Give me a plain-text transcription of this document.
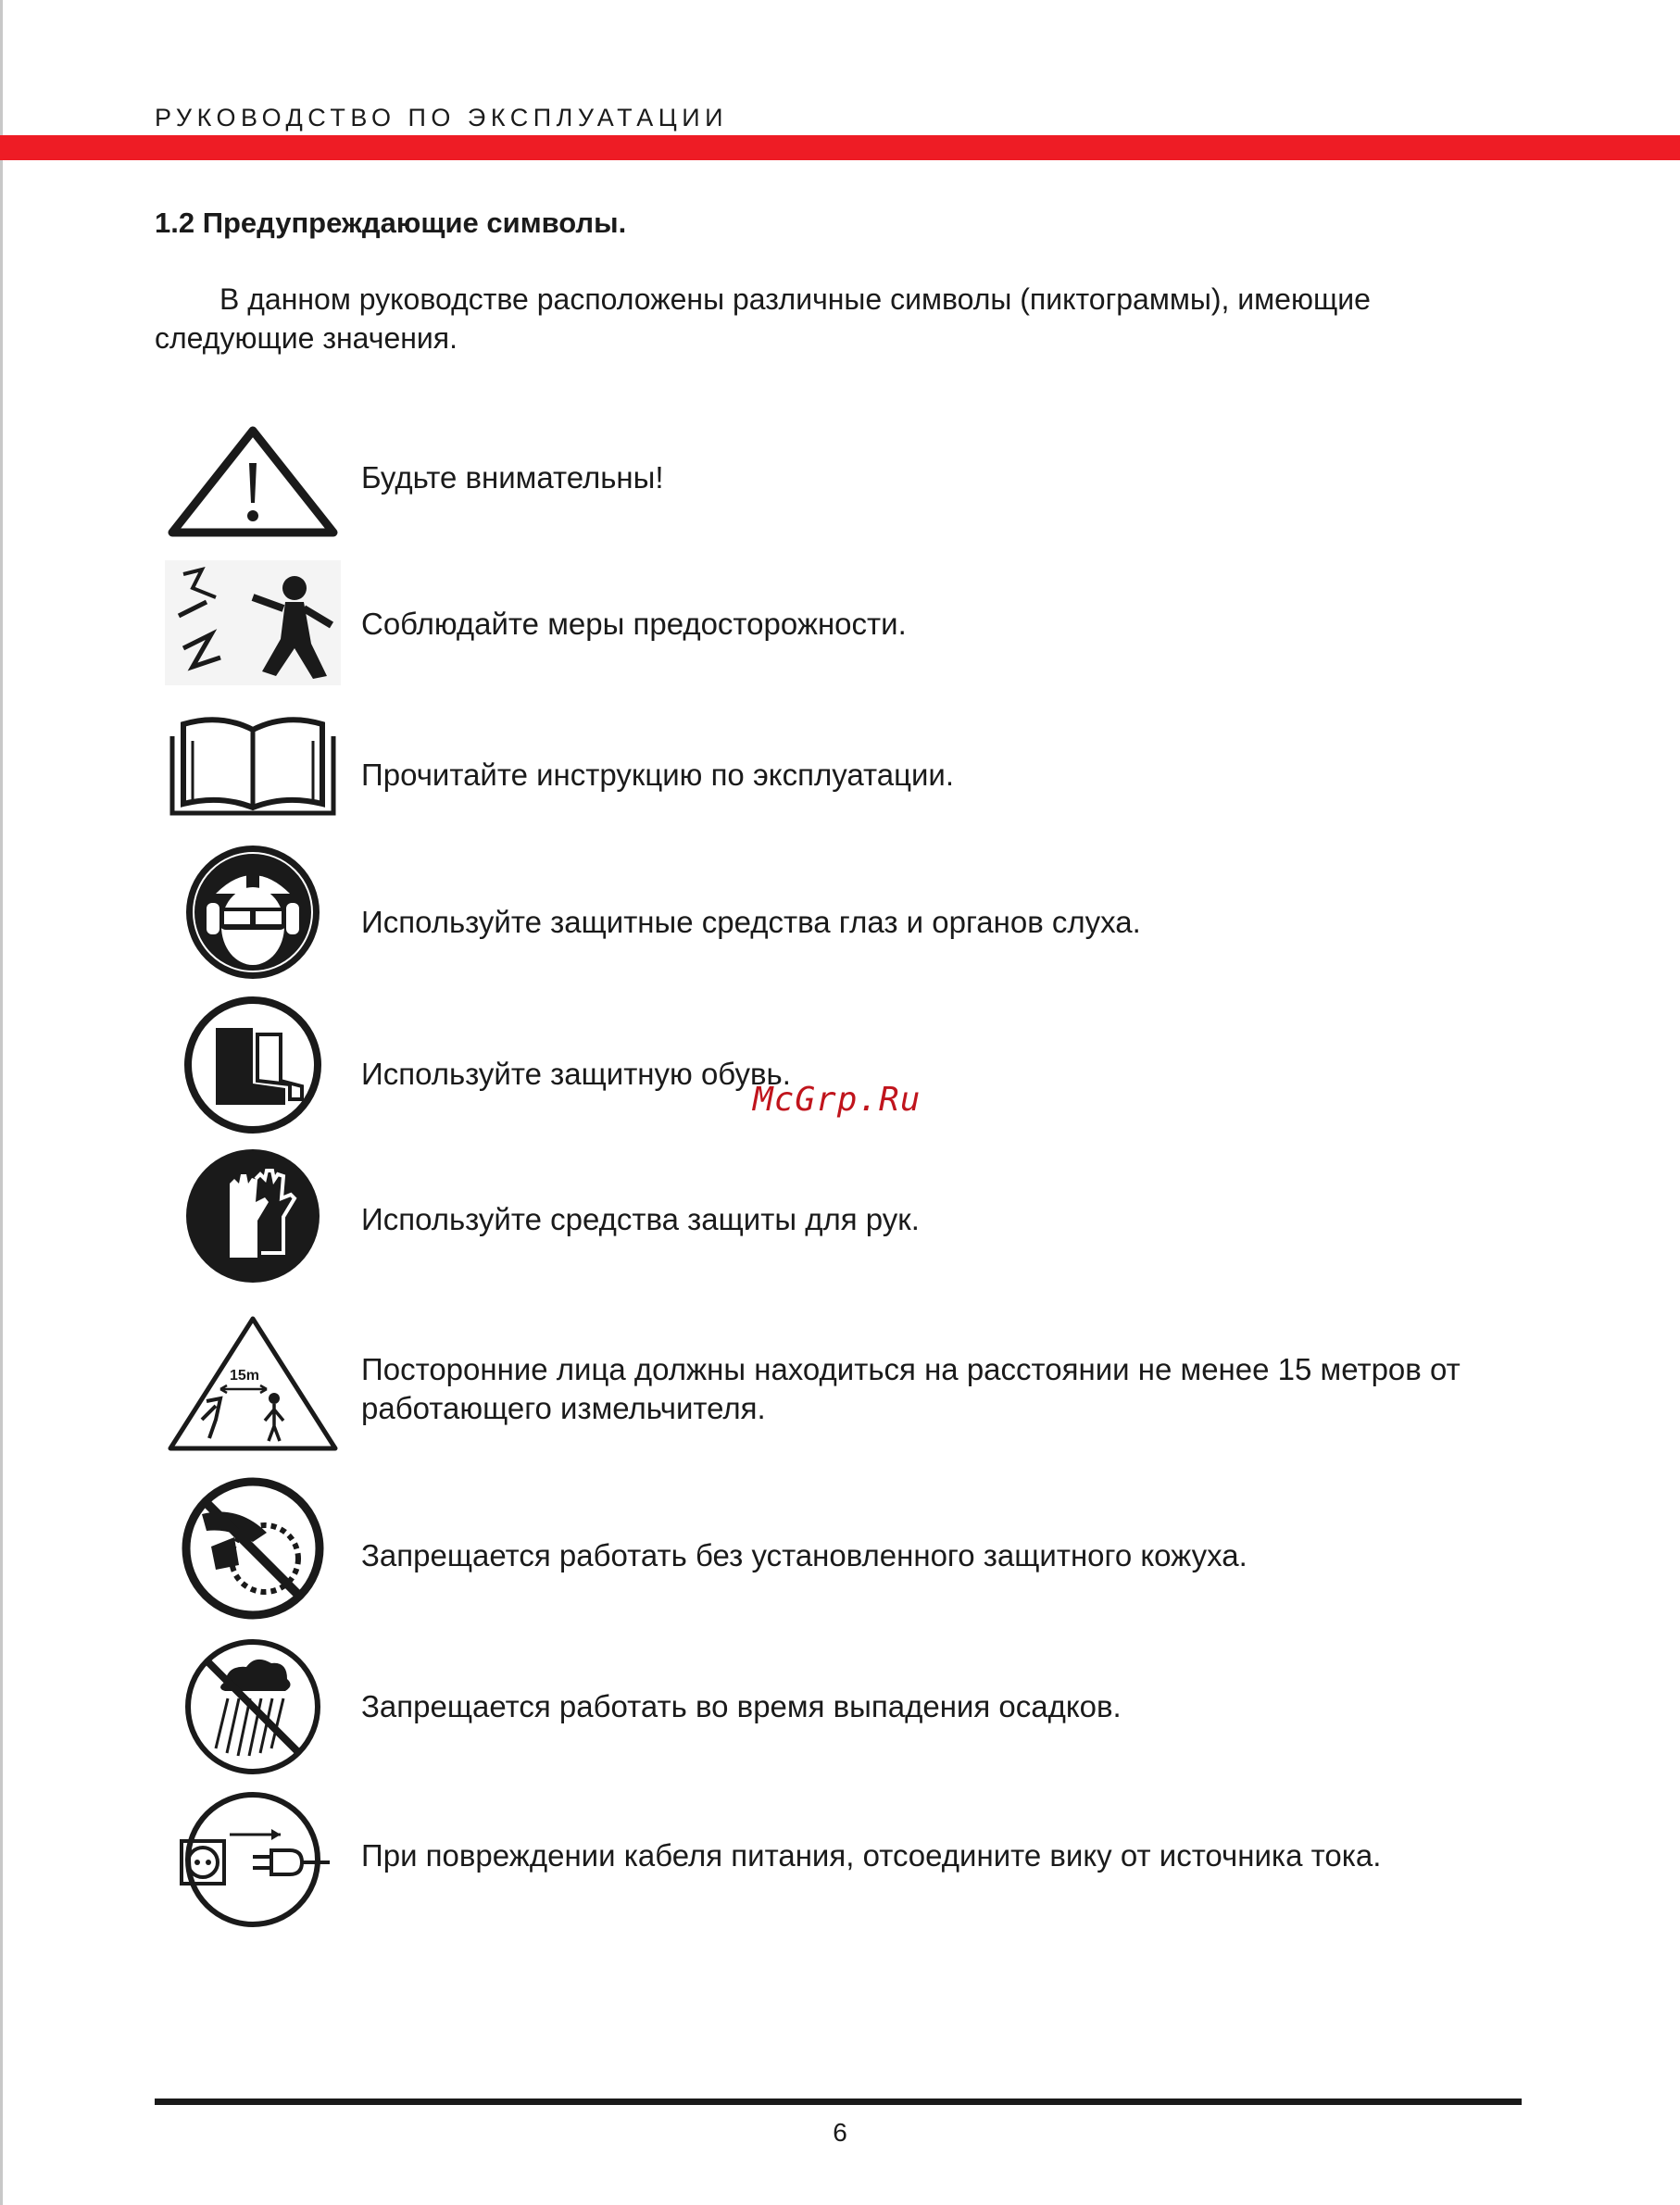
РУКОВОДСТВО ПО ЭКСПЛУАТАЦИИ
1.2 Предупреждающие символы.
В данном руководстве расположены различные символы (пиктограммы), имеющие следующие значения.
Будьте внимательны!
Соблюдайте меры предосторожности.
Прочитайте инструкцию по эксплуатации.
Используйте защитные средства глаз и органов слуха.
Используйте защитную обувь.
Используйте средства защиты для рук.
15m	Посторонние лица должны находиться на расстоянии не менее 15 метров от работающего измельчителя.
Запрещается работать без установленного защитного кожуха.
Запрещается работать во время выпадения осадков.
При повреждении кабеля питания, отсоедините вику от источника тока.
McGrp.Ru
6
